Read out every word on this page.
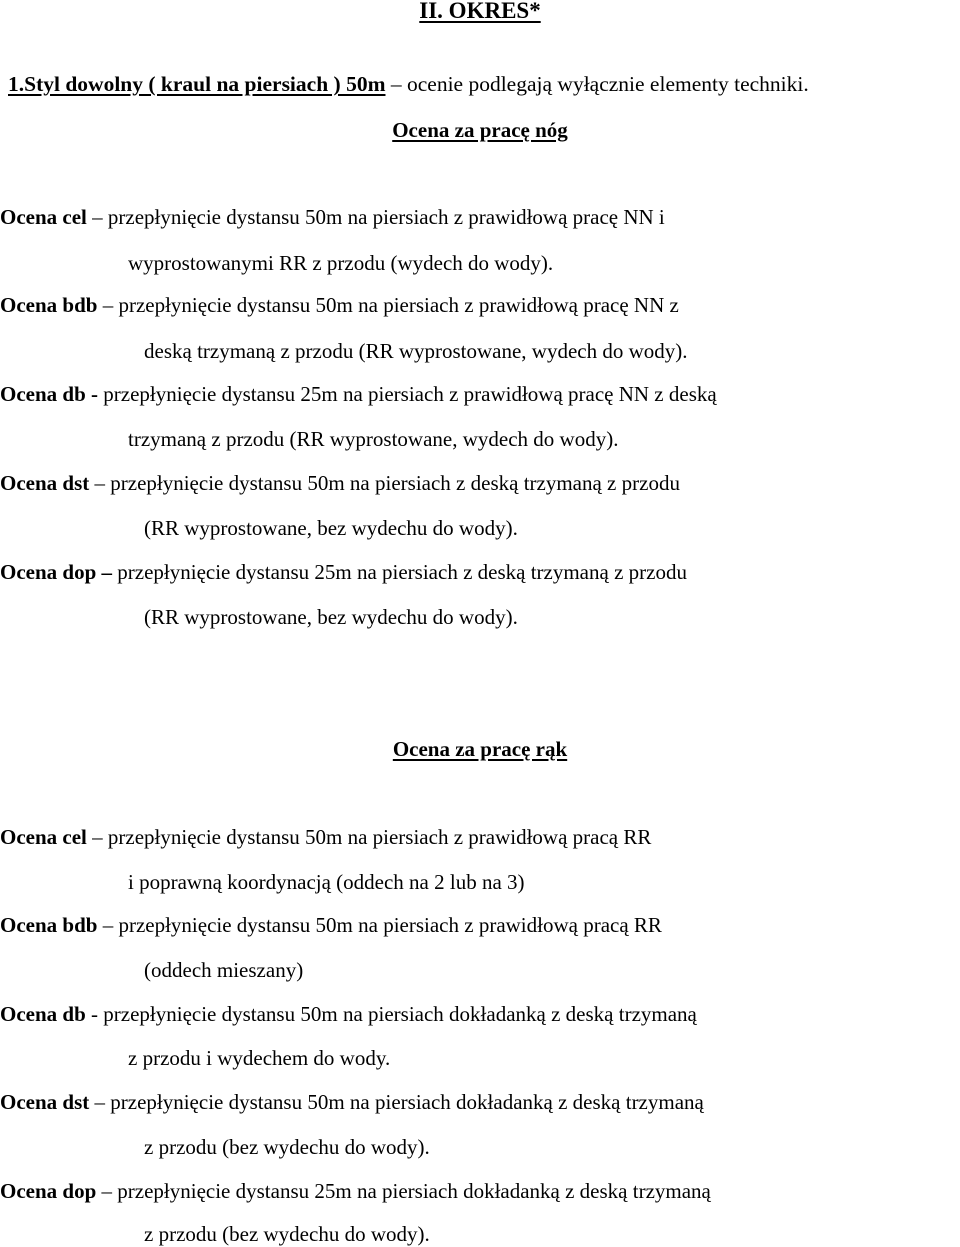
II. OKRES*

1.Styl dowolny ( kraul na piersiach ) 50m – ocenie podlegają wyłącznie elementy techniki.

Ocena za pracę nóg

Ocena cel – przepłynięcie dystansu 50m na piersiach z prawidłową pracę NN i

wyprostowanymi RR z przodu (wydech do wody).

Ocena bdb – przepłynięcie dystansu 50m na piersiach z prawidłową pracę NN z

deską trzymaną z przodu (RR wyprostowane, wydech do wody).

Ocena db - przepłynięcie dystansu 25m na piersiach z prawidłową pracę NN z deską

trzymaną z przodu (RR wyprostowane, wydech do wody).

Ocena dst – przepłynięcie dystansu 50m na piersiach z deską trzymaną z przodu

(RR wyprostowane, bez wydechu do wody).

Ocena dop – przepłynięcie dystansu 25m na piersiach z deską trzymaną z przodu

(RR wyprostowane, bez wydechu do wody).

Ocena za pracę rąk

Ocena cel – przepłynięcie dystansu 50m na piersiach z prawidłową pracą RR

i poprawną koordynacją (oddech na 2 lub na 3)

Ocena bdb – przepłynięcie dystansu 50m na piersiach z prawidłową pracą RR

(oddech mieszany)

Ocena db - przepłynięcie dystansu 50m na piersiach dokładanką z deską trzymaną

z przodu i wydechem do wody.

Ocena dst – przepłynięcie dystansu 50m na piersiach dokładanką z deską trzymaną

z przodu (bez wydechu do wody).

Ocena dop – przepłynięcie dystansu 25m na piersiach dokładanką z deską trzymaną

z przodu (bez wydechu do wody).
